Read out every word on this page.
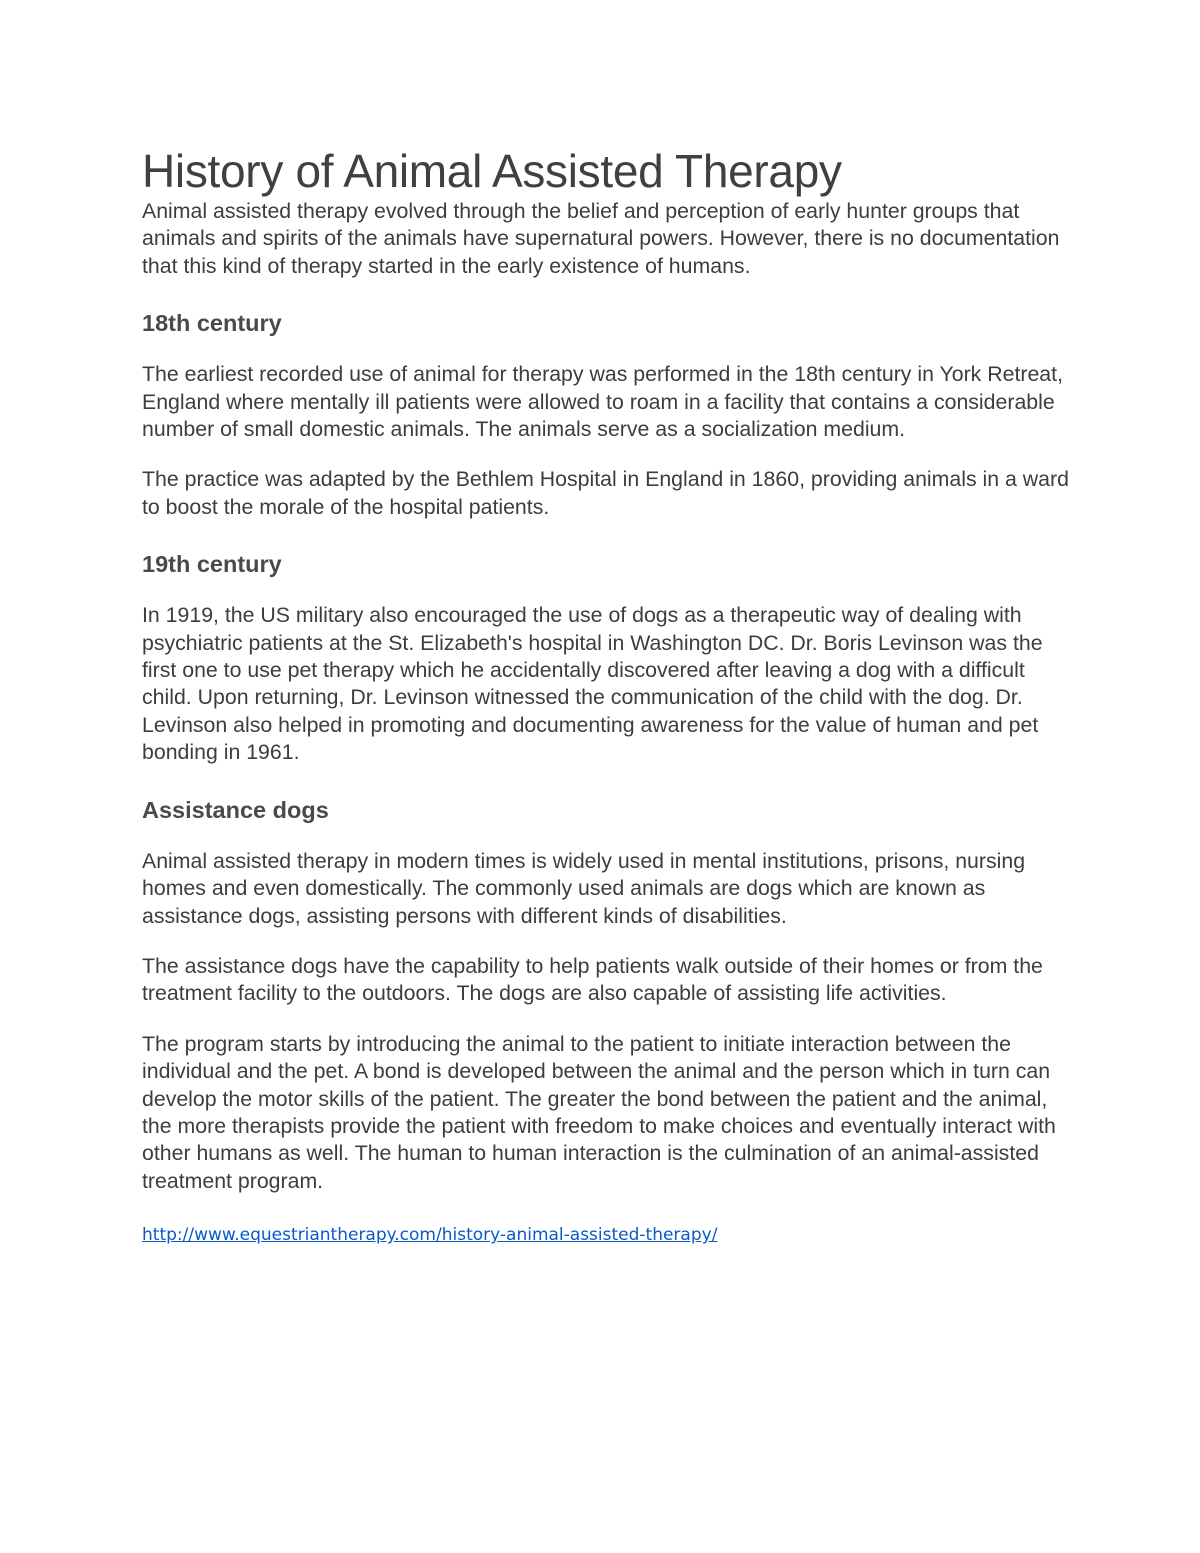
History of Animal Assisted Therapy

Animal assisted therapy evolved through the belief and perception of early hunter groups that animals and spirits of the animals have supernatural powers. However, there is no documentation that this kind of therapy started in the early existence of humans.

18th century

The earliest recorded use of animal for therapy was performed in the 18th century in York Retreat, England where mentally ill patients were allowed to roam in a facility that contains a considerable number of small domestic animals. The animals serve as a socialization medium.

The practice was adapted by the Bethlem Hospital in England in 1860, providing animals in a ward to boost the morale of the hospital patients.

19th century

In 1919, the US military also encouraged the use of dogs as a therapeutic way of dealing with psychiatric patients at the St. Elizabeth's hospital in Washington DC. Dr. Boris Levinson was the first one to use pet therapy which he accidentally discovered after leaving a dog with a difficult child. Upon returning, Dr. Levinson witnessed the communication of the child with the dog. Dr. Levinson also helped in promoting and documenting awareness for the value of human and pet bonding in 1961.

Assistance dogs

Animal assisted therapy in modern times is widely used in mental institutions, prisons, nursing homes and even domestically. The commonly used animals are dogs which are known as assistance dogs, assisting persons with different kinds of disabilities.

The assistance dogs have the capability to help patients walk outside of their homes or from the treatment facility to the outdoors. The dogs are also capable of assisting life activities.

The program starts by introducing the animal to the patient to initiate interaction between the individual and the pet. A bond is developed between the animal and the person which in turn can develop the motor skills of the patient. The greater the bond between the patient and the animal, the more therapists provide the patient with freedom to make choices and eventually interact with other humans as well. The human to human interaction is the culmination of an animal-assisted treatment program.

http://www.equestriantherapy.com/history-animal-assisted-therapy/
